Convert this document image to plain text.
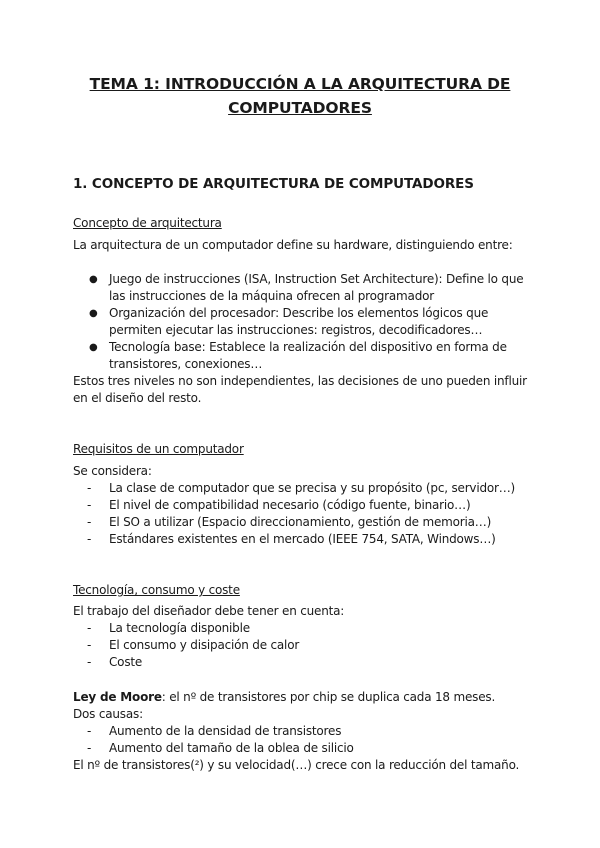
TEMA 1: INTRODUCCIÓN A LA ARQUITECTURA DE COMPUTADORES
1. CONCEPTO DE ARQUITECTURA DE COMPUTADORES
Concepto de arquitectura
La arquitectura de un computador define su hardware, distinguiendo entre:
● Juego de instrucciones (ISA, Instruction Set Architecture): Define lo que las instrucciones de la máquina ofrecen al programador
● Organización del procesador: Describe los elementos lógicos que permiten ejecutar las instrucciones: registros, decodificadores…
● Tecnología base: Establece la realización del dispositivo en forma de transistores, conexiones…
Estos tres niveles no son independientes, las decisiones de uno pueden influir en el diseño del resto.
Requisitos de un computador
Se considera:
- La clase de computador que se precisa y su propósito (pc, servidor…)
- El nivel de compatibilidad necesario (código fuente, binario…)
- El SO a utilizar (Espacio direccionamiento, gestión de memoria…)
- Estándares existentes en el mercado (IEEE 754, SATA, Windows…)
Tecnología, consumo y coste
El trabajo del diseñador debe tener en cuenta:
- La tecnología disponible
- El consumo y disipación de calor
- Coste
Ley de Moore: el nº de transistores por chip se duplica cada 18 meses.
Dos causas:
- Aumento de la densidad de transistores
- Aumento del tamaño de la oblea de silicio
El nº de transistores(²) y su velocidad(…) crece con la reducción del tamaño.
